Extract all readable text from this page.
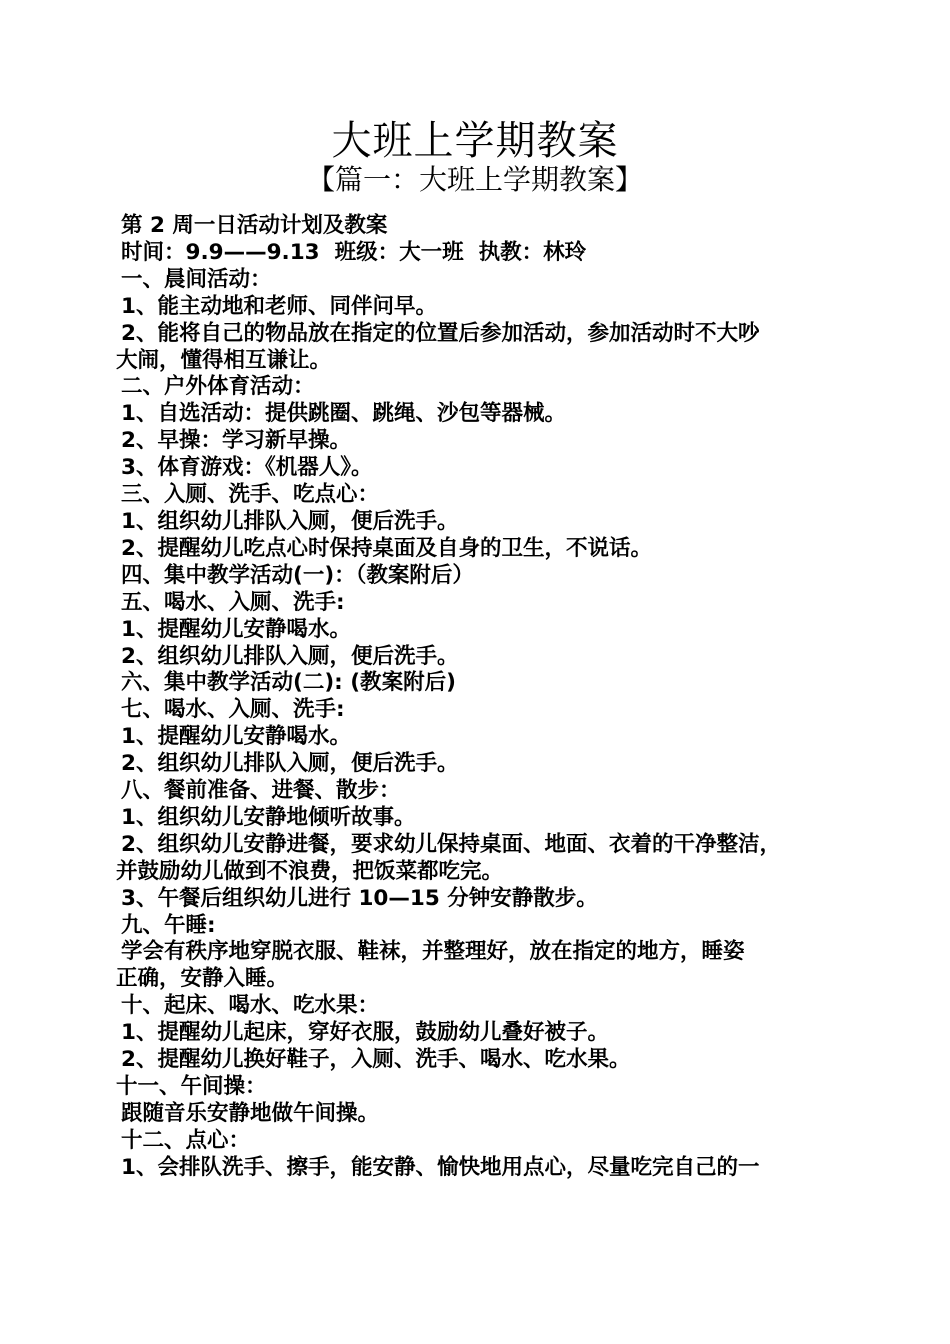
大班上学期教案
【篇一：大班上学期教案】

第 2 周一日活动计划及教案

时间：9.9——9.13  班级：大一班  执教：林玲

一、晨间活动：

1、能主动地和老师、同伴问早。

2、能将自己的物品放在指定的位置后参加活动，参加活动时不大吵

大闹，懂得相互谦让。

二、户外体育活动：

1、自选活动：提供跳圈、跳绳、沙包等器械。

2、早操：学习新早操。

3、体育游戏：《机器人》。

三、入厕、洗手、吃点心：

1、组织幼儿排队入厕，便后洗手。

2、提醒幼儿吃点心时保持桌面及自身的卫生，不说话。

四、集中教学活动(一)：（教案附后）

五、喝水、入厕、洗手:

1、提醒幼儿安静喝水。

2、组织幼儿排队入厕，便后洗手。

六、集中教学活动(二): (教案附后)

七、喝水、入厕、洗手:

1、提醒幼儿安静喝水。

2、组织幼儿排队入厕，便后洗手。

八、餐前准备、进餐、散步：

1、组织幼儿安静地倾听故事。

2、组织幼儿安静进餐，要求幼儿保持桌面、地面、衣着的干净整洁，

并鼓励幼儿做到不浪费，把饭菜都吃完。

3、午餐后组织幼儿进行 10—15 分钟安静散步。

九、午睡:

学会有秩序地穿脱衣服、鞋袜，并整理好，放在指定的地方，睡姿

正确，安静入睡。

十、起床、喝水、吃水果：

1、提醒幼儿起床，穿好衣服，鼓励幼儿叠好被子。

2、提醒幼儿换好鞋子，入厕、洗手、喝水、吃水果。

十一、午间操：

跟随音乐安静地做午间操。

十二、点心：

1、会排队洗手、擦手，能安静、愉快地用点心，尽量吃完自己的一
